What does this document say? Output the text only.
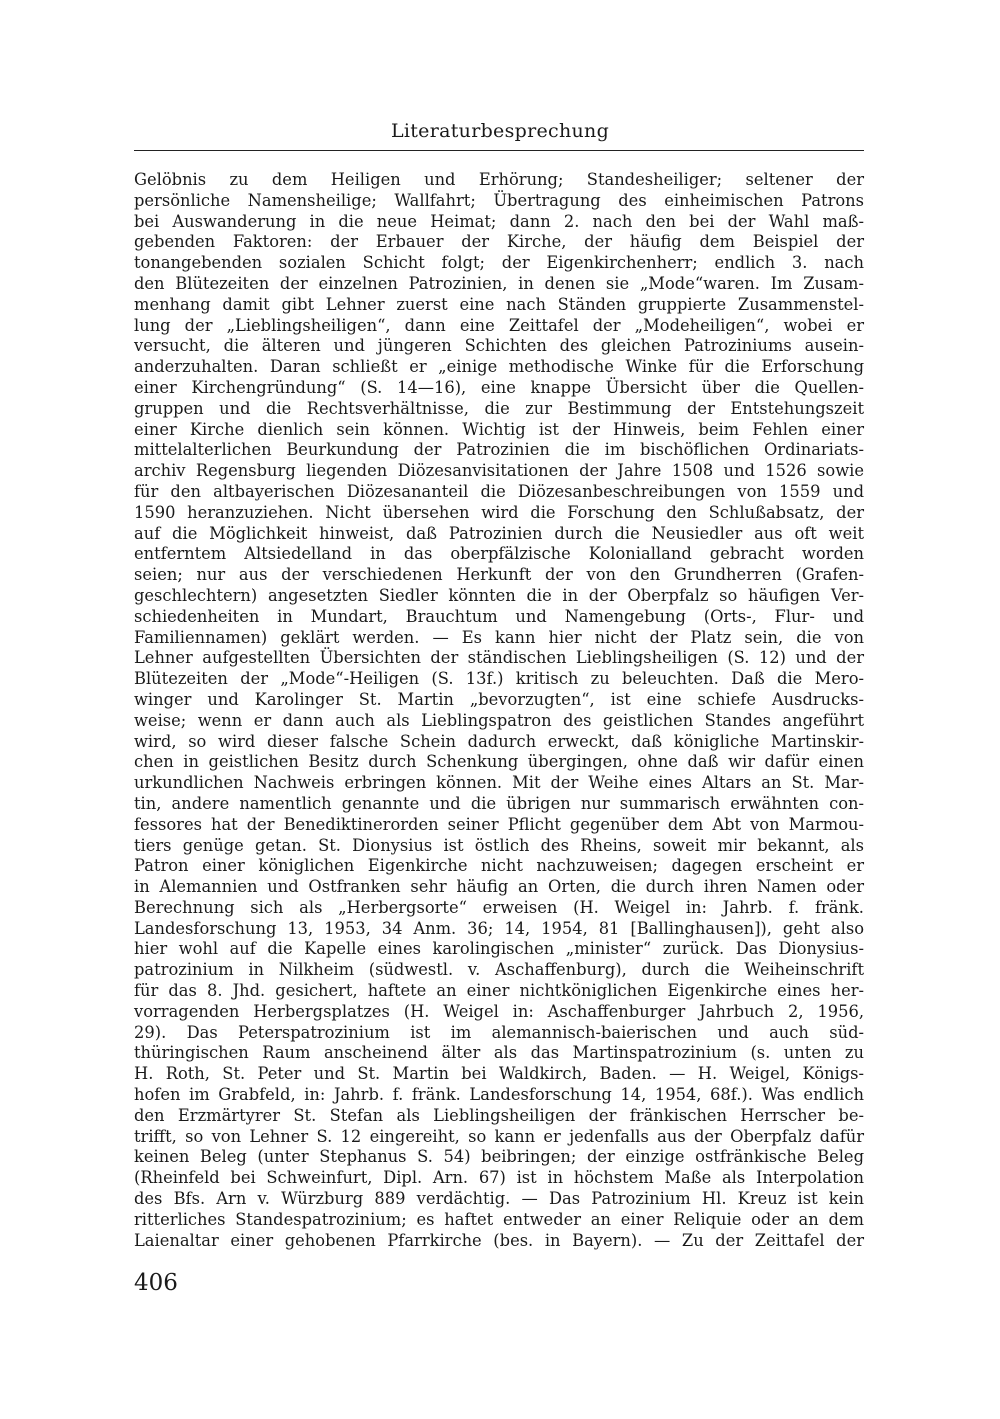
Literaturbesprechung
Gelöbnis zu dem Heiligen und Erhörung; Standesheiliger; seltener der
persönliche Namensheilige; Wallfahrt; Übertragung des einheimischen Patrons
bei Auswanderung in die neue Heimat; dann 2. nach den bei der Wahl maß-
gebenden Faktoren: der Erbauer der Kirche, der häufig dem Beispiel der
tonangebenden sozialen Schicht folgt; der Eigenkirchenherr; endlich 3. nach
den Blütezeiten der einzelnen Patrozinien, in denen sie „Mode“waren. Im Zusam-
menhang damit gibt Lehner zuerst eine nach Ständen gruppierte Zusammenstel-
lung der „Lieblingsheiligen“, dann eine Zeittafel der „Modeheiligen“, wobei er
versucht, die älteren und jüngeren Schichten des gleichen Patroziniums ausein-
anderzuhalten. Daran schließt er „einige methodische Winke für die Erforschung
einer Kirchengründung“ (S. 14—16), eine knappe Übersicht über die Quellen-
gruppen und die Rechtsverhältnisse, die zur Bestimmung der Entstehungszeit
einer Kirche dienlich sein können. Wichtig ist der Hinweis, beim Fehlen einer
mittelalterlichen Beurkundung der Patrozinien die im bischöflichen Ordinariats-
archiv Regensburg liegenden Diözesanvisitationen der Jahre 1508 und 1526 sowie
für den altbayerischen Diözesananteil die Diözesanbeschreibungen von 1559 und
1590 heranzuziehen. Nicht übersehen wird die Forschung den Schlußabsatz, der
auf die Möglichkeit hinweist, daß Patrozinien durch die Neusiedler aus oft weit
entferntem Altsiedelland in das oberpfälzische Kolonialland gebracht worden
seien; nur aus der verschiedenen Herkunft der von den Grundherren (Grafen-
geschlechtern) angesetzten Siedler könnten die in der Oberpfalz so häufigen Ver-
schiedenheiten in Mundart, Brauchtum und Namengebung (Orts-, Flur- und
Familiennamen) geklärt werden. — Es kann hier nicht der Platz sein, die von
Lehner aufgestellten Übersichten der ständischen Lieblingsheiligen (S. 12) und der
Blütezeiten der „Mode“-Heiligen (S. 13f.) kritisch zu beleuchten. Daß die Mero-
winger und Karolinger St. Martin „bevorzugten“, ist eine schiefe Ausdrucks-
weise; wenn er dann auch als Lieblingspatron des geistlichen Standes angeführt
wird, so wird dieser falsche Schein dadurch erweckt, daß königliche Martinskir-
chen in geistlichen Besitz durch Schenkung übergingen, ohne daß wir dafür einen
urkundlichen Nachweis erbringen können. Mit der Weihe eines Altars an St. Mar-
tin, andere namentlich genannte und die übrigen nur summarisch erwähnten con-
fessores hat der Benediktinerorden seiner Pflicht gegenüber dem Abt von Marmou-
tiers genüge getan. St. Dionysius ist östlich des Rheins, soweit mir bekannt, als
Patron einer königlichen Eigenkirche nicht nachzuweisen; dagegen erscheint er
in Alemannien und Ostfranken sehr häufig an Orten, die durch ihren Namen oder
Berechnung sich als „Herbergsorte“ erweisen (H. Weigel in: Jahrb. f. fränk.
Landesforschung 13, 1953, 34 Anm. 36; 14, 1954, 81 [Ballinghausen]), geht also
hier wohl auf die Kapelle eines karolingischen „minister“ zurück. Das Dionysius-
patrozinium in Nilkheim (südwestl. v. Aschaffenburg), durch die Weiheinschrift
für das 8. Jhd. gesichert, haftete an einer nichtköniglichen Eigenkirche eines her-
vorragenden Herbergsplatzes (H. Weigel in: Aschaffenburger Jahrbuch 2, 1956,
29). Das Peterspatrozinium ist im alemannisch-baierischen und auch süd-
thüringischen Raum anscheinend älter als das Martinspatrozinium (s. unten zu
H. Roth, St. Peter und St. Martin bei Waldkirch, Baden. — H. Weigel, Königs-
hofen im Grabfeld, in: Jahrb. f. fränk. Landesforschung 14, 1954, 68f.). Was endlich
den Erzmärtyrer St. Stefan als Lieblingsheiligen der fränkischen Herrscher be-
trifft, so von Lehner S. 12 eingereiht, so kann er jedenfalls aus der Oberpfalz dafür
keinen Beleg (unter Stephanus S. 54) beibringen; der einzige ostfränkische Beleg
(Rheinfeld bei Schweinfurt, Dipl. Arn. 67) ist in höchstem Maße als Interpolation
des Bfs. Arn v. Würzburg 889 verdächtig. — Das Patrozinium Hl. Kreuz ist kein
ritterliches Standespatrozinium; es haftet entweder an einer Reliquie oder an dem
Laienaltar einer gehobenen Pfarrkirche (bes. in Bayern). — Zu der Zeittafel der
406
